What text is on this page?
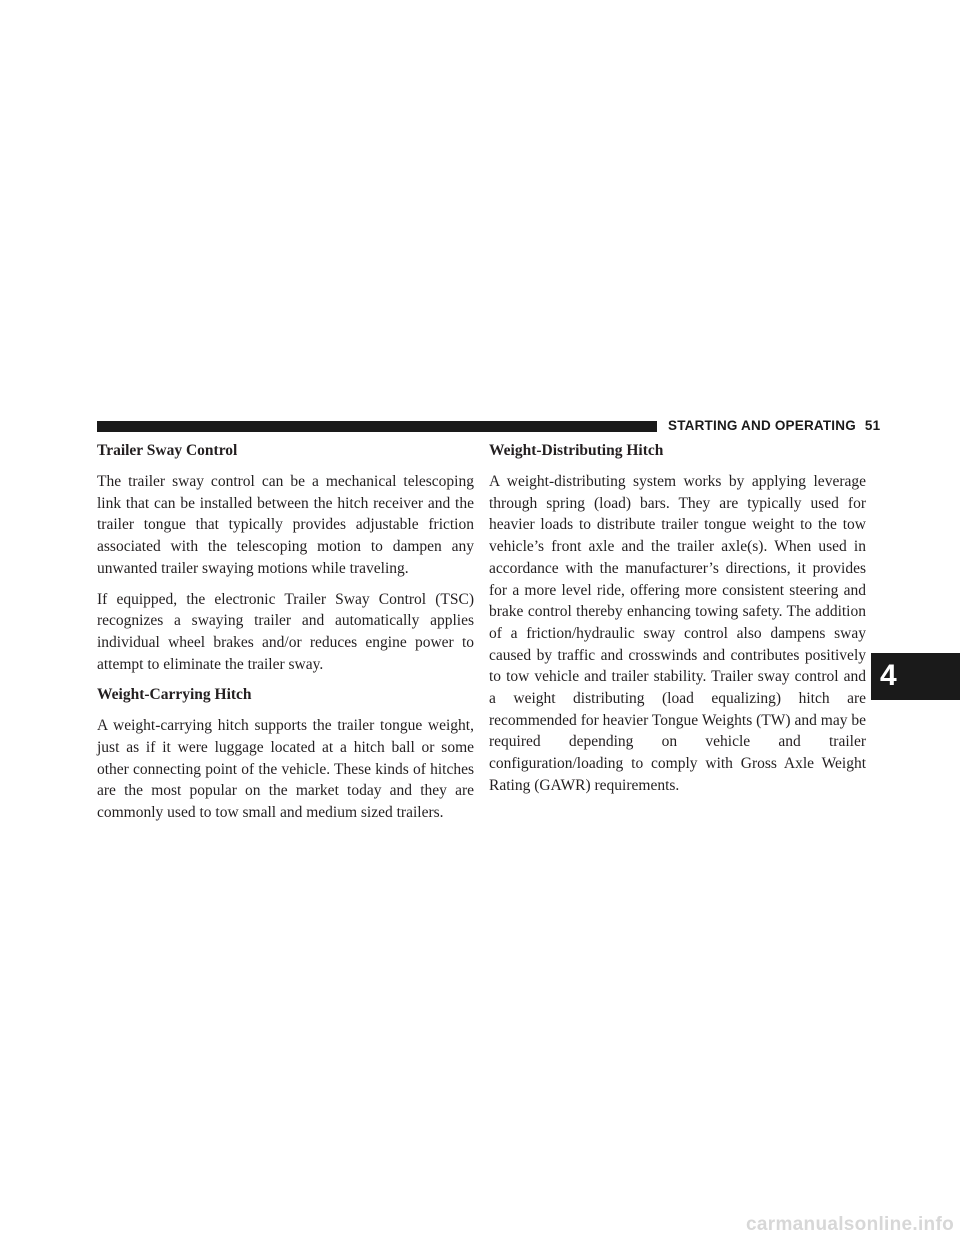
STARTING AND OPERATING 51
Trailer Sway Control

The trailer sway control can be a mechanical telescoping link that can be installed between the hitch receiver and the trailer tongue that typically provides adjustable friction associated with the telescoping motion to dampen any unwanted trailer swaying motions while traveling.

If equipped, the electronic Trailer Sway Control (TSC) recognizes a swaying trailer and automatically applies individual wheel brakes and/or reduces engine power to attempt to eliminate the trailer sway.

Weight-Carrying Hitch

A weight-carrying hitch supports the trailer tongue weight, just as if it were luggage located at a hitch ball or some other connecting point of the vehicle. These kinds of hitches are the most popular on the market today and they are commonly used to tow small and medium sized trailers.

Weight-Distributing Hitch

A weight-distributing system works by applying leverage through spring (load) bars. They are typically used for heavier loads to distribute trailer tongue weight to the tow vehicle’s front axle and the trailer axle(s). When used in accordance with the manufacturer’s directions, it provides for a more level ride, offering more consistent steering and brake control thereby enhancing towing safety. The addition of a friction/hydraulic sway control also dampens sway caused by traffic and crosswinds and contributes positively to tow vehicle and trailer stability. Trailer sway control and a weight distributing (load equalizing) hitch are recommended for heavier Tongue Weights (TW) and may be required depending on vehicle and trailer configuration/loading to comply with Gross Axle Weight Rating (GAWR) requirements.

4
carmanualsonline.info
